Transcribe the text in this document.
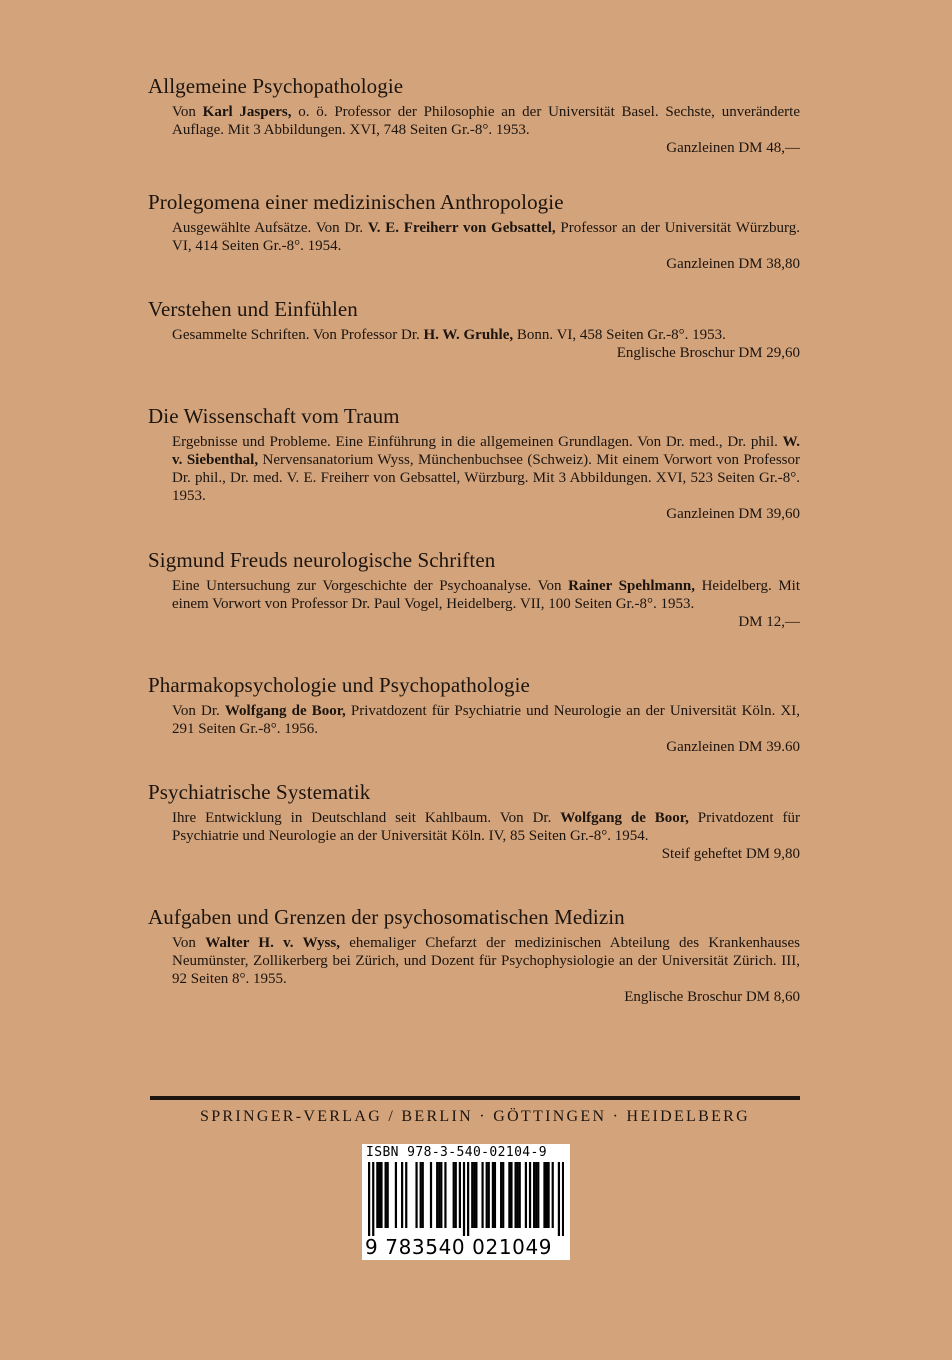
Allgemeine Psychopathologie
Von Karl Jaspers, o. ö. Professor der Philosophie an der Universität Basel. Sechste, unveränderte Auflage. Mit 3 Abbildungen. XVI, 748 Seiten Gr.-8°. 1953.
Ganzleinen DM 48,—
Prolegomena einer medizinischen Anthropologie
Ausgewählte Aufsätze. Von Dr. V. E. Freiherr von Gebsattel, Professor an der Universität Würzburg. VI, 414 Seiten Gr.-8°. 1954.
Ganzleinen DM 38,80
Verstehen und Einfühlen
Gesammelte Schriften. Von Professor Dr. H. W. Gruhle, Bonn. VI, 458 Seiten Gr.-8°. 1953.
Englische Broschur DM 29,60
Die Wissenschaft vom Traum
Ergebnisse und Probleme. Eine Einführung in die allgemeinen Grundlagen. Von Dr. med., Dr. phil. W. v. Siebenthal, Nervensanatorium Wyss, Münchenbuchsee (Schweiz). Mit einem Vorwort von Professor Dr. phil., Dr. med. V. E. Freiherr von Gebsattel, Würzburg. Mit 3 Abbildungen. XVI, 523 Seiten Gr.-8°. 1953.
Ganzleinen DM 39,60
Sigmund Freuds neurologische Schriften
Eine Untersuchung zur Vorgeschichte der Psychoanalyse. Von Rainer Spehlmann, Heidelberg. Mit einem Vorwort von Professor Dr. Paul Vogel, Heidelberg. VII, 100 Seiten Gr.-8°. 1953.
DM 12,—
Pharmakopsychologie und Psychopathologie
Von Dr. Wolfgang de Boor, Privatdozent für Psychiatrie und Neurologie an der Universität Köln. XI, 291 Seiten Gr.-8°. 1956.
Ganzleinen DM 39.60
Psychiatrische Systematik
Ihre Entwicklung in Deutschland seit Kahlbaum. Von Dr. Wolfgang de Boor, Privatdozent für Psychiatrie und Neurologie an der Universität Köln. IV, 85 Seiten Gr.-8°. 1954.
Steif geheftet DM 9,80
Aufgaben und Grenzen der psychosomatischen Medizin
Von Walter H. v. Wyss, ehemaliger Chefarzt der medizinischen Abteilung des Krankenhauses Neumünster, Zollikerberg bei Zürich, und Dozent für Psychophysiologie an der Universität Zürich. III, 92 Seiten 8°. 1955.
Englische Broschur DM 8,60
SPRINGER-VERLAG / BERLIN · GÖTTINGEN · HEIDELBERG
ISBN 978-3-540-02104-9
9 783540 021049
